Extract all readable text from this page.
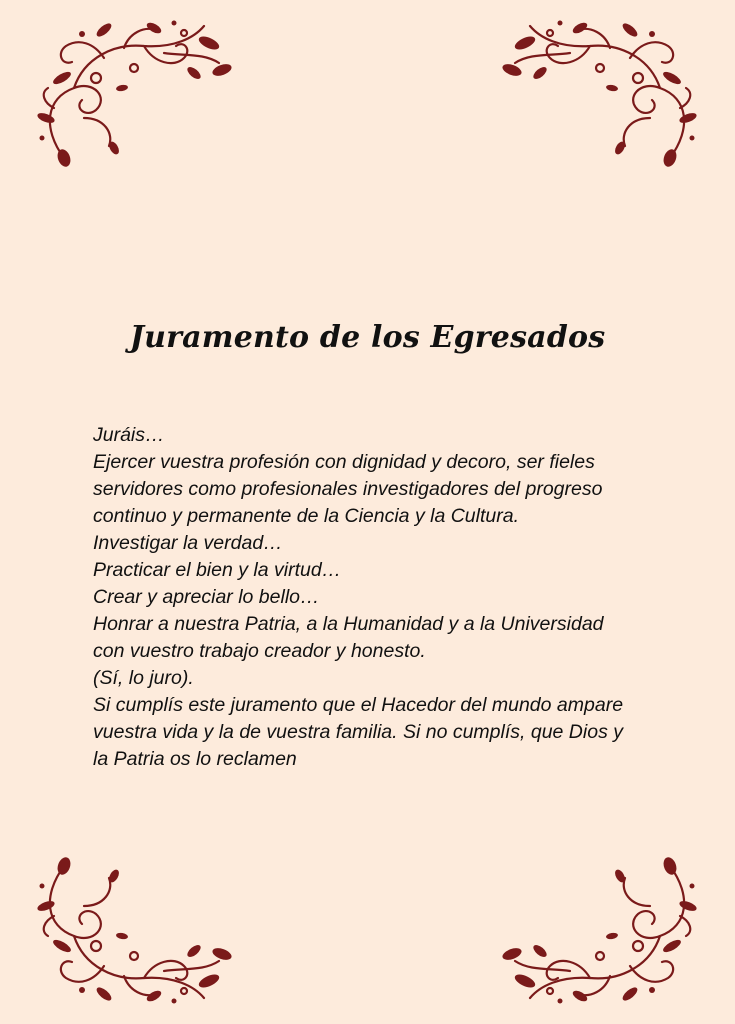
Juramento de los Egresados
Juráis…
Ejercer vuestra profesión con dignidad y decoro, ser fieles
servidores como profesionales investigadores del progreso
continuo y permanente de la Ciencia y la Cultura.
Investigar la verdad…
Practicar el bien y la virtud…
Crear y apreciar lo bello…
Honrar a nuestra Patria, a la Humanidad y a la Universidad
con vuestro trabajo creador y honesto.
(Sí, lo juro).
Si cumplís este juramento que el Hacedor del mundo ampare
vuestra vida y la de vuestra familia. Si no cumplís, que Dios y
la Patria os lo reclamen
